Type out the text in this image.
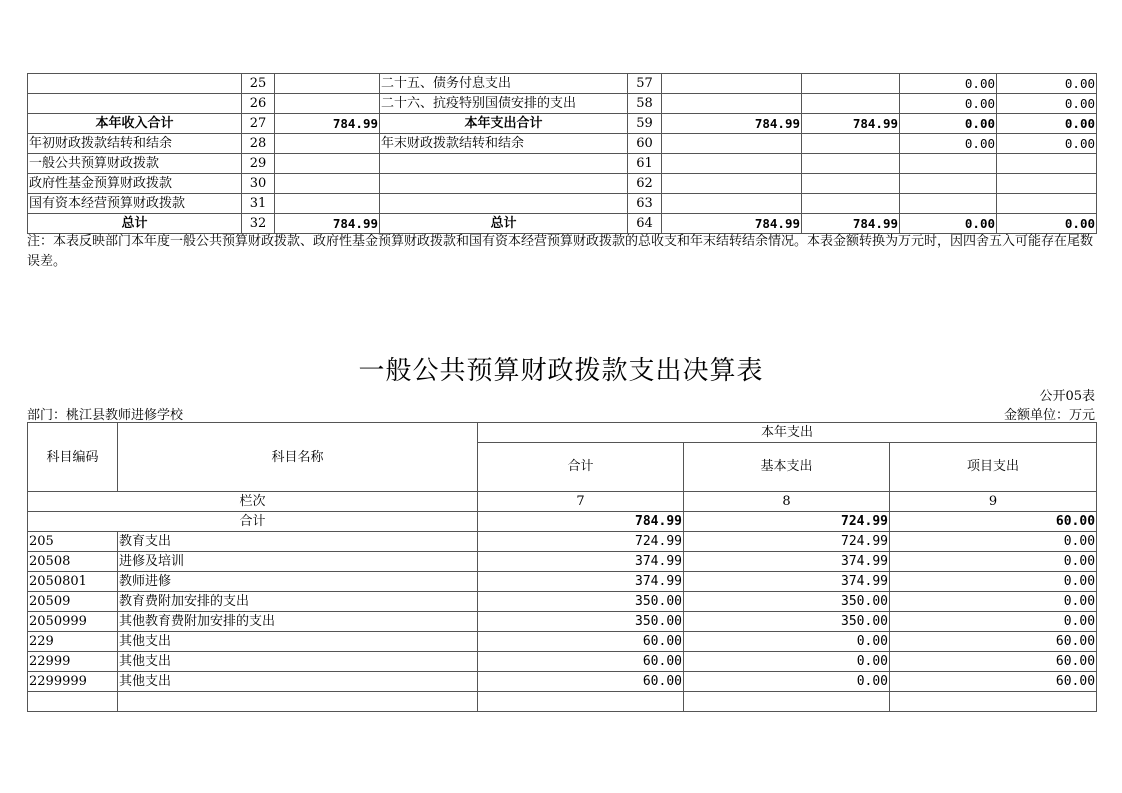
	25		二十五、债务付息支出	57			0.00	0.00
	26		二十六、抗疫特别国债安排的支出	58			0.00	0.00
本年收入合计	27	784.99	本年支出合计	59	784.99	784.99	0.00	0.00
年初财政拨款结转和结余	28		年末财政拨款结转和结余	60			0.00	0.00
一般公共预算财政拨款	29			61				
政府性基金预算财政拨款	30			62				
国有资本经营预算财政拨款	31			63				
总计	32	784.99	总计	64	784.99	784.99	0.00	0.00
注：本表反映部门本年度一般公共预算财政拨款、政府性基金预算财政拨款和国有资本经营预算财政拨款的总收支和年末结转结余情况。本表金额转换为万元时，因四舍五入可能存在尾数误差。
一般公共预算财政拨款支出决算表
公开05表
部门：桃江县教师进修学校	金额单位：万元
科目编码	科目名称	本年支出		
		合计	基本支出	项目支出
栏次		7	8	9
合计		784.99	724.99	60.00
205	教育支出	724.99	724.99	0.00
20508	进修及培训	374.99	374.99	0.00
2050801	教师进修	374.99	374.99	0.00
20509	教育费附加安排的支出	350.00	350.00	0.00
2050999	其他教育费附加安排的支出	350.00	350.00	0.00
229	其他支出	60.00	0.00	60.00
22999	其他支出	60.00	0.00	60.00
2299999	其他支出	60.00	0.00	60.00
